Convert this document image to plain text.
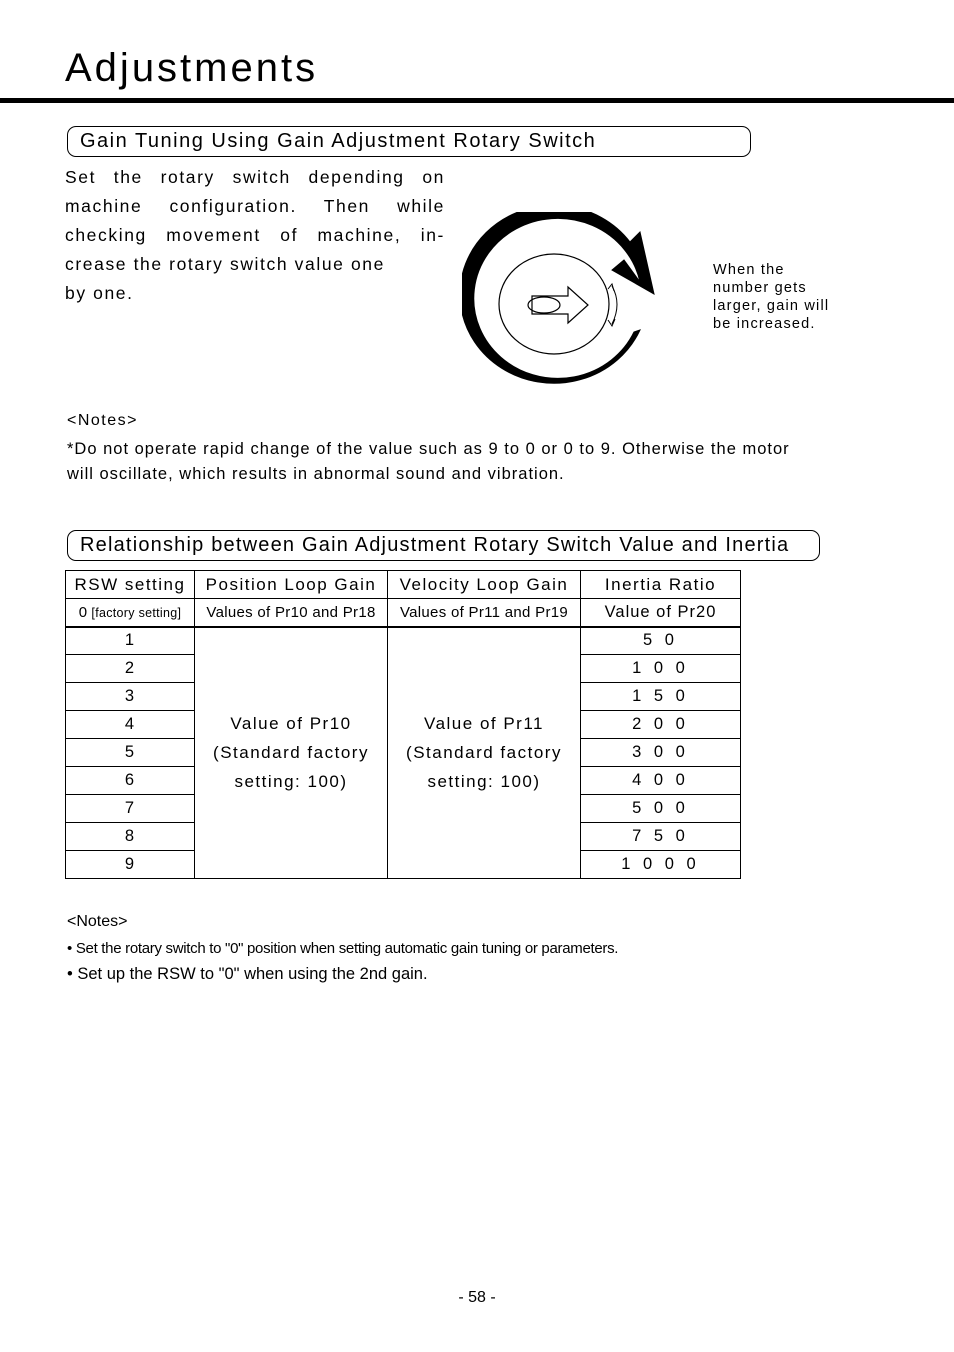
Adjustments
Gain Tuning Using Gain Adjustment Rotary Switch
Set the rotary switch depending on
machine configuration. Then while
checking movement of machine, in-
crease the rotary switch value one
by one.
When the
number gets
larger, gain will
be increased.
<Notes>
*Do not operate rapid change of the value such as 9 to 0 or 0 to 9. Otherwise the motor
will oscillate, which results in abnormal sound and vibration.
Relationship between Gain Adjustment Rotary Switch Value and Inertia
RSW setting	Position Loop Gain	Velocity Loop Gain	Inertia Ratio
0 [factory setting]	Values of Pr10 and Pr18	Values of Pr11 and Pr19	Value of Pr20
1	Value of Pr10
(Standard factory
setting: 100)	Value of Pr11
(Standard factory
setting: 100)	5 0
2			1 0 0
3			1 5 0
4			2 0 0
5			3 0 0
6			4 0 0
7			5 0 0
8			7 5 0
9			1 0 0 0
<Notes>
• Set the rotary switch to "0" position when setting automatic gain tuning or parameters.
• Set up the RSW to "0" when using the 2nd gain.
- 58 -
